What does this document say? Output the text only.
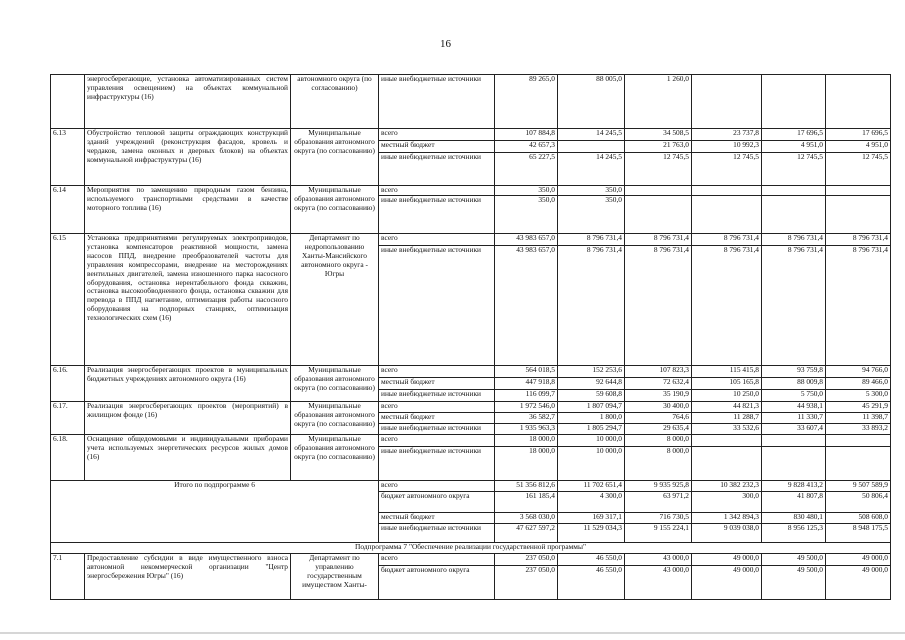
16
	энергосберегающие, установка автоматизированных систем управления освещением) на объектах коммунальной инфраструктуры (16)	автономного округа (по согласованию)	иные внебюджетные источники	89 265,0	88 005,0	1 260,0			
6.13	Обустройство тепловой защиты ограждающих конструкций зданий учреждений (реконструкция фасадов, кровель и чердаков, замена оконных и дверных блоков) на объектах коммунальной инфраструктуры (16)	Муниципальные образования автономного округа (по согласованию)	всего	107 884,8	14 245,5	34 508,5	23 737,8	17 696,5	17 696,5
			местный бюджет	42 657,3		21 763,0	10 992,3	4 951,0	4 951,0
			иные внебюджетные источники	65 227,5	14 245,5	12 745,5	12 745,5	12 745,5	12 745,5
6.14	Мероприятия по замещению природным газом бензина, используемого транспортными средствами в качестве моторного топлива (16)	Муниципальные образования автономного округа (по согласованию)	всего	350,0	350,0				
			иные внебюджетные источники	350,0	350,0				
6.15	Установка предпринятиями регулируемых электроприводов, установка компенсаторов реактивной мощности, замена насосов ППД, внедрение преобразователей частоты для управления компрессорами, внедрение на месторождениях вентильных двигателей, замена изношенного парка насосного оборудования, остановка нерентабельного фонда скважин, остановка высокообводненного фонда, остановка скважин для перевода в ППД нагнетание, оптимизация работы насосного оборудования на подпорных станциях, оптимизация технологических схем (16)	Департамент по недропользованию Ханты-Мансийского автономного округа - Югры	всего	43 983 657,0	8 796 731,4	8 796 731,4	8 796 731,4	8 796 731,4	8 796 731,4
			иные внебюджетные источники	43 983 657,0	8 796 731,4	8 796 731,4	8 796 731,4	8 796 731,4	8 796 731,4
6.16.	Реализация энергосберегающих проектов в муниципальных бюджетных учреждениях автономного округа (16)	Муниципальные образования автономного округа (по согласованию)	всего	564 018,5	152 253,6	107 823,3	115 415,8	93 759,8	94 766,0
			местный бюджет	447 918,8	92 644,8	72 632,4	105 165,8	88 009,8	89 466,0
			иные внебюджетные источники	116 099,7	59 608,8	35 190,9	10 250,0	5 750,0	5 300,0
6.17.	Реализация энергосберегающих проектов (мероприятий) в жилищном фонде (16)	Муниципальные образования автономного округа (по согласованию)	всего	1 972 546,0	1 807 094,7	30 400,0	44 821,3	44 938,1	45 291,9
			местный бюджет	36 582,7	1 800,0	764,6	11 288,7	11 330,7	11 398,7
			иные внебюджетные источники	1 935 963,3	1 805 294,7	29 635,4	33 532,6	33 607,4	33 893,2
6.18.	Оснащение общедомовыми и индивидуальными приборами учета используемых энергетических ресурсов жилых домов (16)	Муниципальные образования автономного округа (по согласованию)	всего	18 000,0	10 000,0	8 000,0			
			иные внебюджетные источники	18 000,0	10 000,0	8 000,0			
Итого по подпрограмме 6			всего	51 356 812,6	11 702 651,4	9 935 925,8	10 382 232,3	9 828 413,2	9 507 589,9
			бюджет автономного округа	161 185,4	4 300,0	63 971,2	300,0	41 807,8	50 806,4
			местный бюджет	3 568 030,0	169 317,1	716 730,5	1 342 894,3	830 480,1	508 608,0
			иные внебюджетные источники	47 627 597,2	11 529 034,3	9 155 224,1	9 039 038,0	8 956 125,3	8 948 175,5
Подпрограмма 7 "Обеспечение реализации государственной программы"									
7.1	Предоставление субсидии в виде имущественного взноса автономной некоммерческой организации "Центр энергосбережения Югры" (16)	Департамент по управлению государственным имуществом Ханты-	всего	237 050,0	46 550,0	43 000,0	49 000,0	49 500,0	49 000,0
			бюджет автономного округа	237 050,0	46 550,0	43 000,0	49 000,0	49 500,0	49 000,0
